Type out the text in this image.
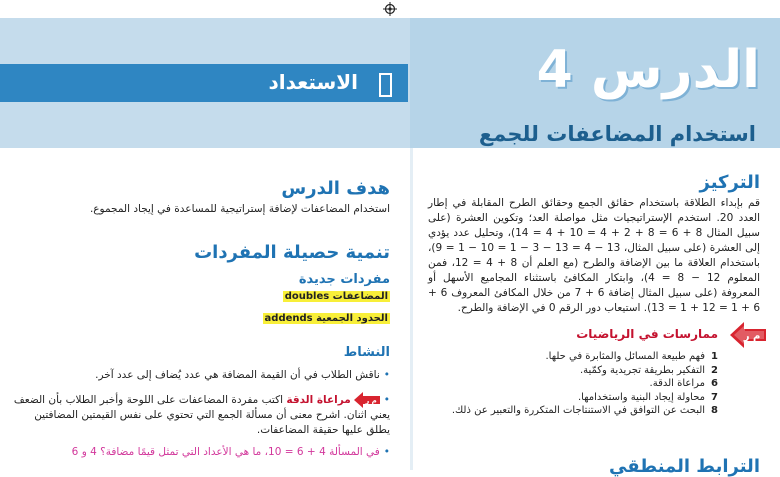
الاستعداد	الدرس 4
استخدام المضاعفات للجمع
التركيز
قم بإبداء الطلاقة باستخدام حقائق الجمع وحقائق الطرح المقابلة في إطار العدد 20. استخدم الإستراتيجيات مثل مواصلة العد؛ وتكوين العشرة (على سبيل المثال 8 + 6 = 8 + 2 + 4 = 10 + 4 = 14)، وتحليل عدد يؤدي إلى العشرة (على سبيل المثال، 13 − 4 = 13 − 3 − 1 = 10 − 1 = 9)، باستخدام العلاقة ما بين الإضافة والطرح (مع العلم أن 8 + 4 = 12، فمن المعلوم 12 − 8 = 4)، وابتكار المكافئ باستثناء المجاميع الأسهل أو المعروفة (على سبيل المثال إضافة 6 + 7 من خلال المكافئ المعروف 6 + 6 + 1 = 12 + 1 = 13). استيعاب دور الرقم 0 في الإضافة والطرح.
م ر
ممارسات في الرياضيات
1فهم طبيعة المسائل والمثابرة في حلها.
2التفكير بطريقة تجريدية وكمّية.
6مراعاة الدقة.
7محاولة إيجاد البنية واستخدامها.
8البحث عن التوافق في الاستنتاجات المتكررة والتعبير عن ذلك.
الترابط المنطقي
هدف الدرس
استخدام المضاعفات لإضافة إستراتيجية للمساعدة في إيجاد المجموع.
تنمية حصيلة المفردات
مفردات جديدة
المضاعفات doubles
الحدود الجمعية addends
النشاط
•ناقش الطلاب في أن القيمة المضافة هي عدد يُضاف إلى عدد آخر.
•
م ر
مراعاة الدقة اكتب مفردة المضاعفات على اللوحة وأخبر الطلاب بأن الضعف يعني اثنان. اشرح معنى أن مسألة الجمع التي تحتوي على نفس القيمتين المضافتين يطلق عليها حقيقة المضاعفات.
•في المسألة 4 + 6 = 10، ما هي الأعداد التي تمثل قيمًا مضافة؟ 4 و 6
